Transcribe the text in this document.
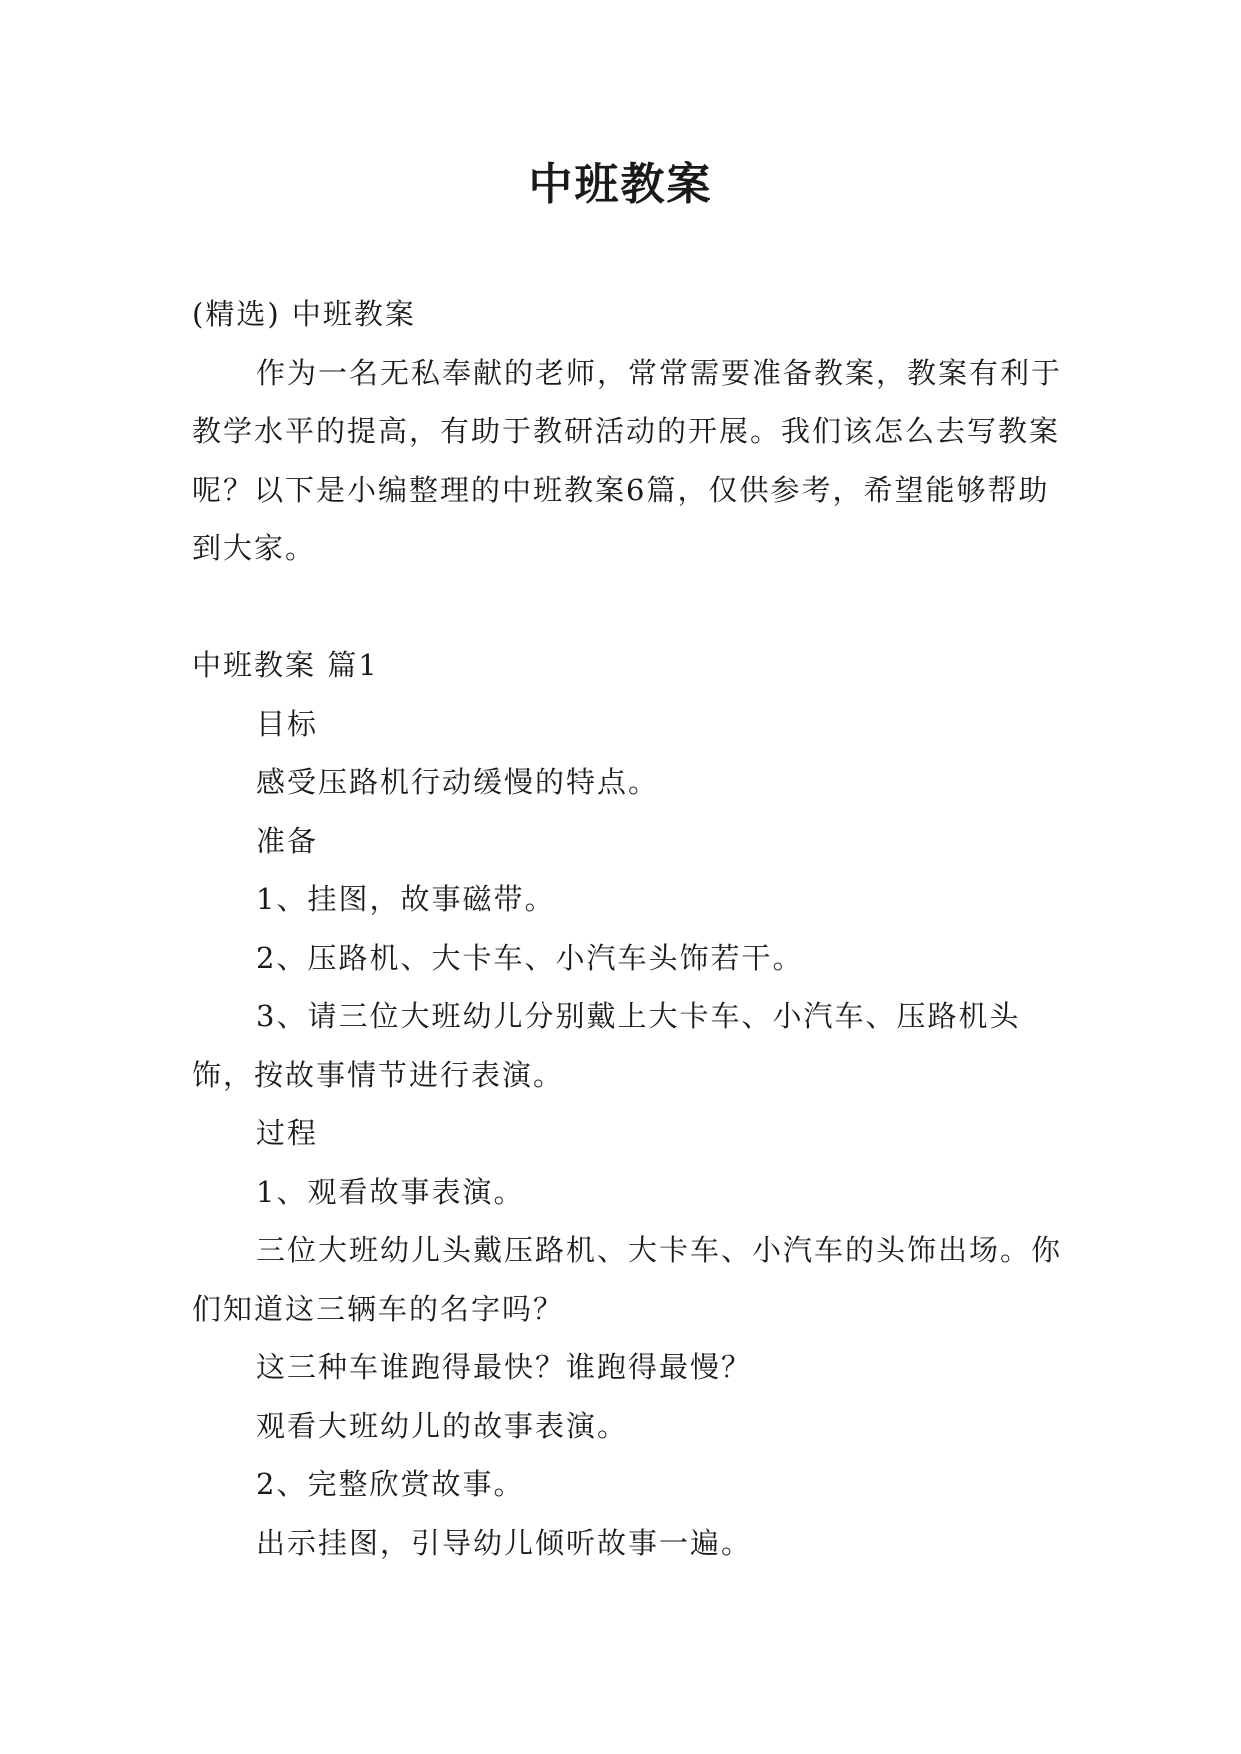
中班教案

(精选) 中班教案

作为一名无私奉献的老师，常常需要准备教案，教案有利于教学水平的提高，有助于教研活动的开展。我们该怎么去写教案呢？以下是小编整理的中班教案6篇，仅供参考，希望能够帮助到大家。

中班教案 篇1

目标

感受压路机行动缓慢的特点。

准备

1、挂图，故事磁带。

2、压路机、大卡车、小汽车头饰若干。

3、请三位大班幼儿分别戴上大卡车、小汽车、压路机头饰，按故事情节进行表演。

过程

1、观看故事表演。

三位大班幼儿头戴压路机、大卡车、小汽车的头饰出场。你们知道这三辆车的名字吗？

这三种车谁跑得最快？谁跑得最慢？

观看大班幼儿的故事表演。

2、完整欣赏故事。

出示挂图，引导幼儿倾听故事一遍。
